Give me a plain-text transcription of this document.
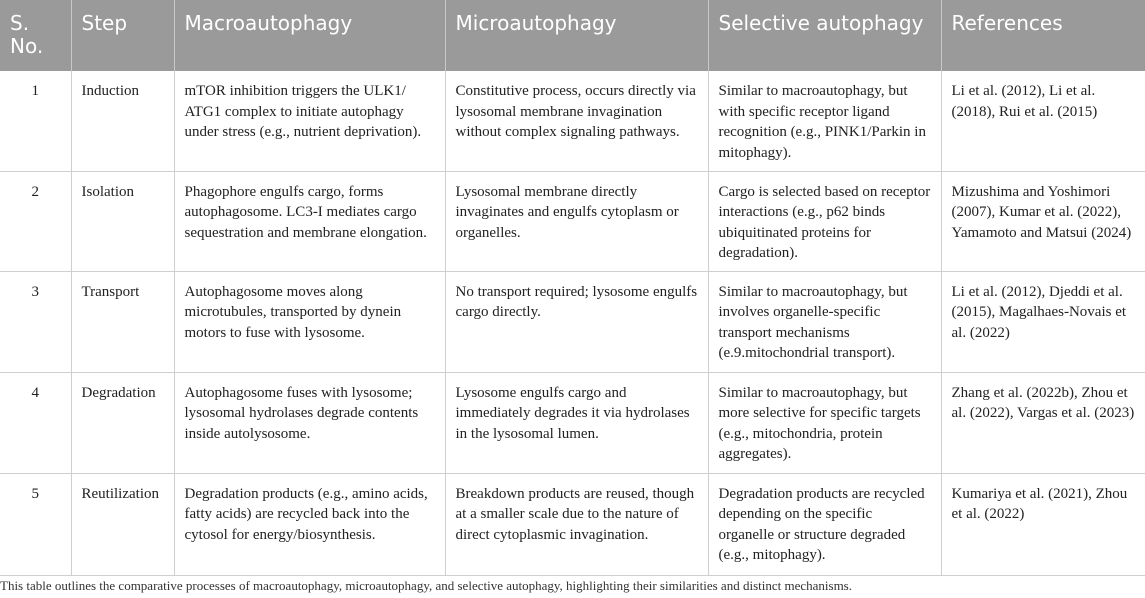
S.
No.	Step	Macroautophagy	Microautophagy	Selective autophagy	References
1	Induction	mTOR inhibition triggers the ULK1/ ATG1 complex to initiate autophagy under stress (e.g., nutrient deprivation).	Constitutive process, occurs directly via lysosomal membrane invagination without complex signaling pathways.	Similar to macroautophagy, but with specific receptor ligand recognition (e.g., PINK1/Parkin in mitophagy).	Li et al. (2012), Li et al. (2018), Rui et al. (2015)
2	Isolation	Phagophore engulfs cargo, forms autophagosome. LC3-I mediates cargo sequestration and membrane elongation.	Lysosomal membrane directly invaginates and engulfs cytoplasm or organelles.	Cargo is selected based on receptor interactions (e.g., p62 binds ubiquitinated proteins for degradation).	Mizushima and Yoshimori (2007), Kumar et al. (2022), Yamamoto and Matsui (2024)
3	Transport	Autophagosome moves along microtubules, transported by dynein motors to fuse with lysosome.	No transport required; lysosome engulfs cargo directly.	Similar to macroautophagy, but involves organelle-specific transport mechanisms (e.9.mitochondrial transport).	Li et al. (2012), Djeddi et al. (2015), Magalhaes-Novais et al. (2022)
4	Degradation	Autophagosome fuses with lysosome; lysosomal hydrolases degrade contents inside autolysosome.	Lysosome engulfs cargo and immediately degrades it via hydrolases in the lysosomal lumen.	Similar to macroautophagy, but more selective for specific targets (e.g., mitochondria, protein aggregates).	Zhang et al. (2022b), Zhou et al. (2022), Vargas et al. (2023)
5	Reutilization	Degradation products (e.g., amino acids, fatty acids) are recycled back into the cytosol for energy/biosynthesis.	Breakdown products are reused, though at a smaller scale due to the nature of direct cytoplasmic invagination.	Degradation products are recycled depending on the specific organelle or structure degraded (e.g., mitophagy).	Kumariya et al. (2021), Zhou et al. (2022)
This table outlines the comparative processes of macroautophagy, microautophagy, and selective autophagy, highlighting their similarities and distinct mechanisms.
